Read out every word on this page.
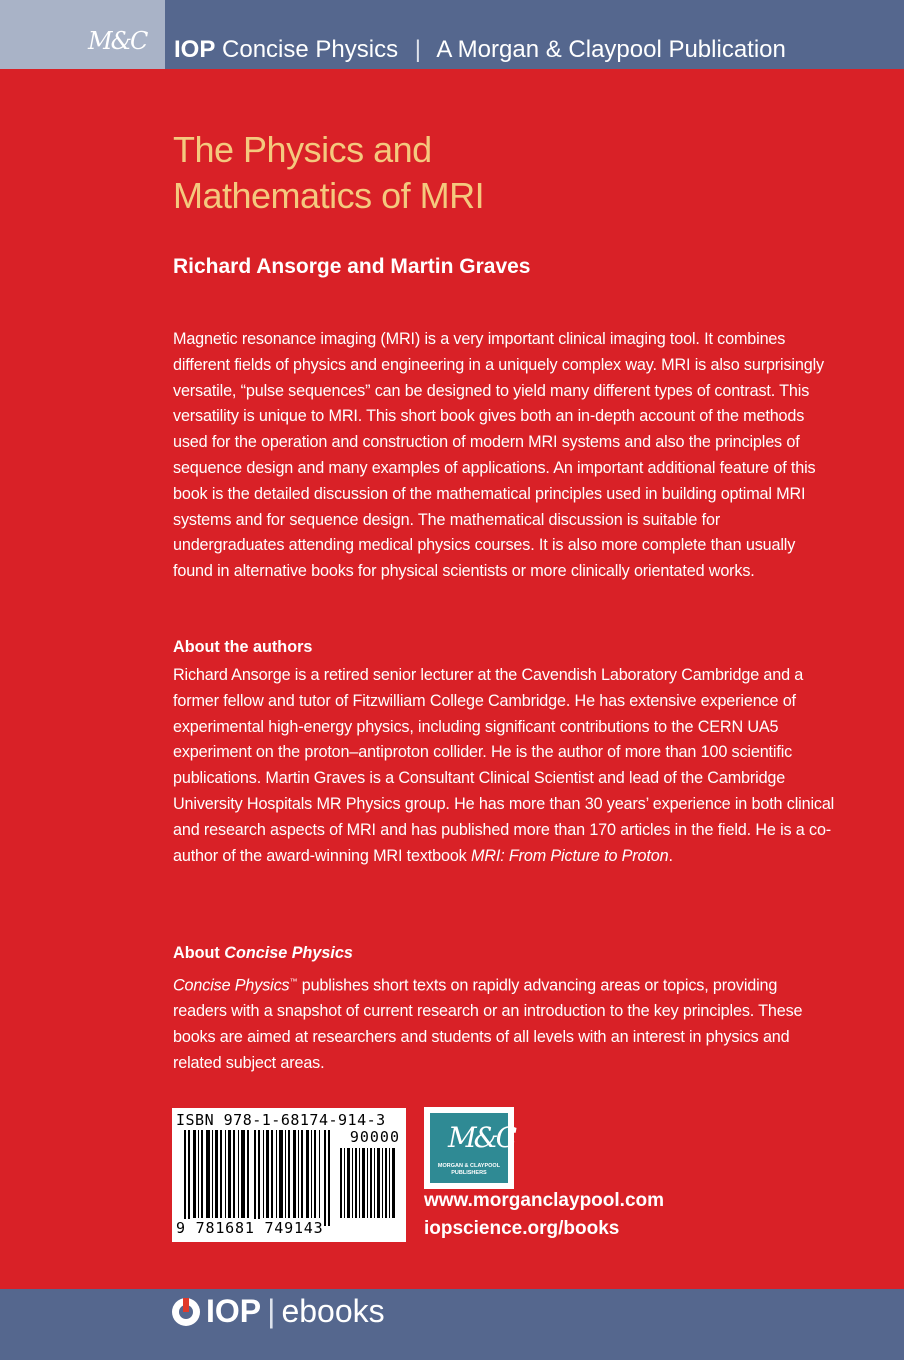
M&C IOP Concise Physics | A Morgan & Claypool Publication
The Physics and
Mathematics of MRI
Richard Ansorge and Martin Graves
Magnetic resonance imaging (MRI) is a very important clinical imaging tool. It combines different fields of physics and engineering in a uniquely complex way. MRI is also surprisingly versatile, “pulse sequences” can be designed to yield many different types of contrast. This versatility is unique to MRI. This short book gives both an in-depth account of the methods used for the operation and construction of modern MRI systems and also the principles of sequence design and many examples of applications. An important additional feature of this book is the detailed discussion of the mathematical principles used in building optimal MRI systems and for sequence design. The mathematical discussion is suitable for undergraduates attending medical physics courses. It is also more complete than usually found in alternative books for physical scientists or more clinically orientated works.
About the authors
Richard Ansorge is a retired senior lecturer at the Cavendish Laboratory Cambridge and a former fellow and tutor of Fitzwilliam College Cambridge. He has extensive experience of experimental high-energy physics, including significant contributions to the CERN UA5 experiment on the proton–antiproton collider. He is the author of more than 100 scientific publications. Martin Graves is a Consultant Clinical Scientist and lead of the Cambridge University Hospitals MR Physics group. He has more than 30 years’ experience in both clinical and research aspects of MRI and has published more than 170 articles in the field. He is a co-author of the award-winning MRI textbook MRI: From Picture to Proton.
About Concise Physics
Concise Physics™ publishes short texts on rapidly advancing areas or topics, providing readers with a snapshot of current research or an introduction to the key principles. These books are aimed at researchers and students of all levels with an interest in physics and related subject areas.
ISBN 978-1-68174-914-3
90000
9 781681 749143
M&C
MORGAN & CLAYPOOL
PUBLISHERS
www.morganclaypool.com
iopscience.org/books
IOP | ebooks
